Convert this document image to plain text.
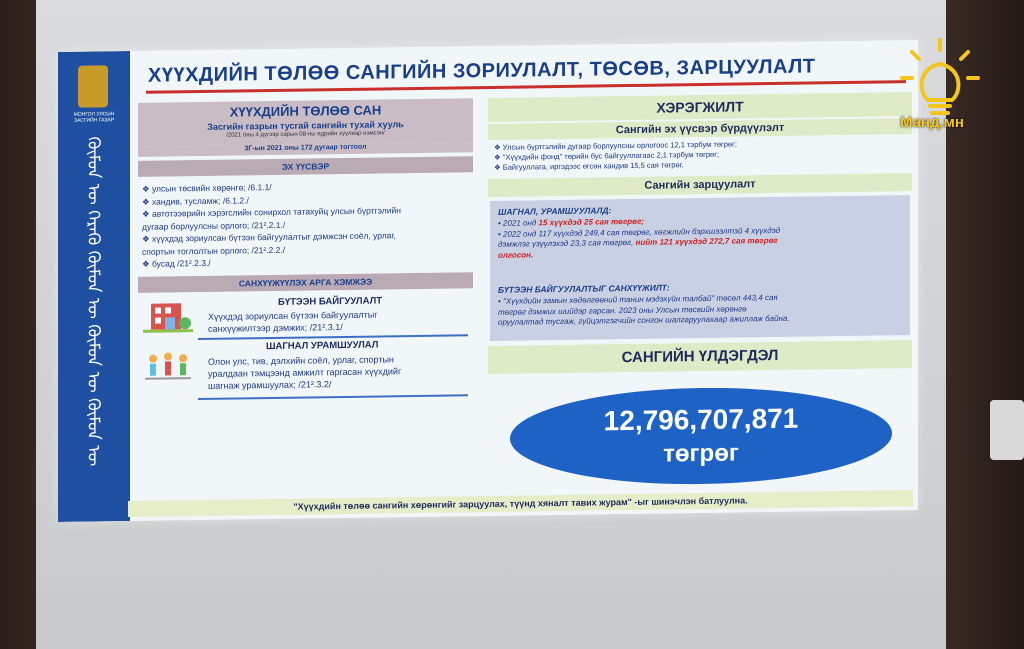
МОНГОЛ УЛСЫН ЗАСГИЙН ГАЗАР
ᠬᠦᠮᠦᠨ ᠦ ᠭᠡᠷᠡᠬᠦ ᠬᠦᠮᠦᠨ ᠦ ᠬᠦᠮᠦᠨ ᠦ ᠬᠦᠮᠦᠨ ᠦ
ХҮҮХДИЙН ТӨЛӨӨ САНГИЙН ЗОРИУЛАЛТ, ТӨСӨВ, ЗАРЦУУЛАЛТ
ХҮҮХДИЙН ТӨЛӨӨ САН
Засгийн газрын тусгай сангийн тухай хууль
/2021 оны 4 дүгээр сарын 08-ны өдрийн хуулиар нэмсэн/
3Г-ын 2021 оны 172 дугаар тогтоол
ЭХ ҮҮСВЭР
❖ улсын төсвийн хөрөнгө; /6.1.1/
❖ хандив, тусламж; /6.1.2./
❖ автотээврийн хэрэгслийн сонирхол татахуйц улсын бүртгэлийн
дугаар борлуулсны орлого; /21².2.1./
❖ хүүхдэд зориулсан бүтээн байгуулалтыг дэмжсэн соёл, урлаг,
спортын тоглолтын орлого; /21².2.2./
❖ бусад /21².2.3./
САНХҮҮЖҮҮЛЭХ АРГА ХЭМЖЭЭ
БҮТЭЭН БАЙГУУЛАЛТ
Хүүхдэд зориулсан бүтээн байгуулалтыг
санхүүжилтээр дэмжих; /21².3.1/
ШАГНАЛ УРАМШУУЛАЛ
Олон улс, тив, дэлхийн соёл, урлаг, спортын
уралдаан тэмцээнд амжилт гаргасан хүүхдийг
шагнаж урамшуулах; /21².3.2/
ХЭРЭГЖИЛТ
Сангийн эх үүсвэр бүрдүүлэлт
❖ Улсын бүртгэлийн дугаар борлуулсны орлогоос 12,1 тэрбум төгрөг;
❖ "Хүүхдийн фонд" төрийн бус байгууллагаас 2,1 тэрбум төгрөг;
❖ Байгууллага, иргэдээс өгсөн хандив 15,5 сая төгрөг.
Сангийн зарцуулалт
ШАГНАЛ, УРАМШУУЛАЛД:
• 2021 онд 15 хүүхдэд 25 сая төгрөг;
• 2022 онд 117 хүүхдэд 249,4 сая төгрөг, хөгжлийн бэрхшээлтэй 4 хүүхдэд
дэмжлэг үзүүлэхэд 23,3 сая төгрөг, нийт 121 хүүхдэд 272,7 сая төгрөг
олгосон.
БҮТЭЭН БАЙГУУЛАЛТЫГ САНХҮҮЖИЛТ:
• "Хүүхдийн замын хөдөлгөөний танин мэдэхүйн талбай" төсөл 443,4 сая
төгрөг дэмжих шийдэр гарсан. 2023 оны Улсын төсвийн хөрөнгө
оруулалтад тусгаж, гүйцэтгэгчийн сонгон шалгаруулахаар ажиллаж байна.
САНГИЙН ҮЛДЭГДЭЛ
12,796,707,871
төгрөг
"Хүүхдийн төлөө сангийн хөрөнгийг зарцуулах, түүнд хяналт тавих журам" -ыг шинэчлэн батлуулна.
Манд.мн
